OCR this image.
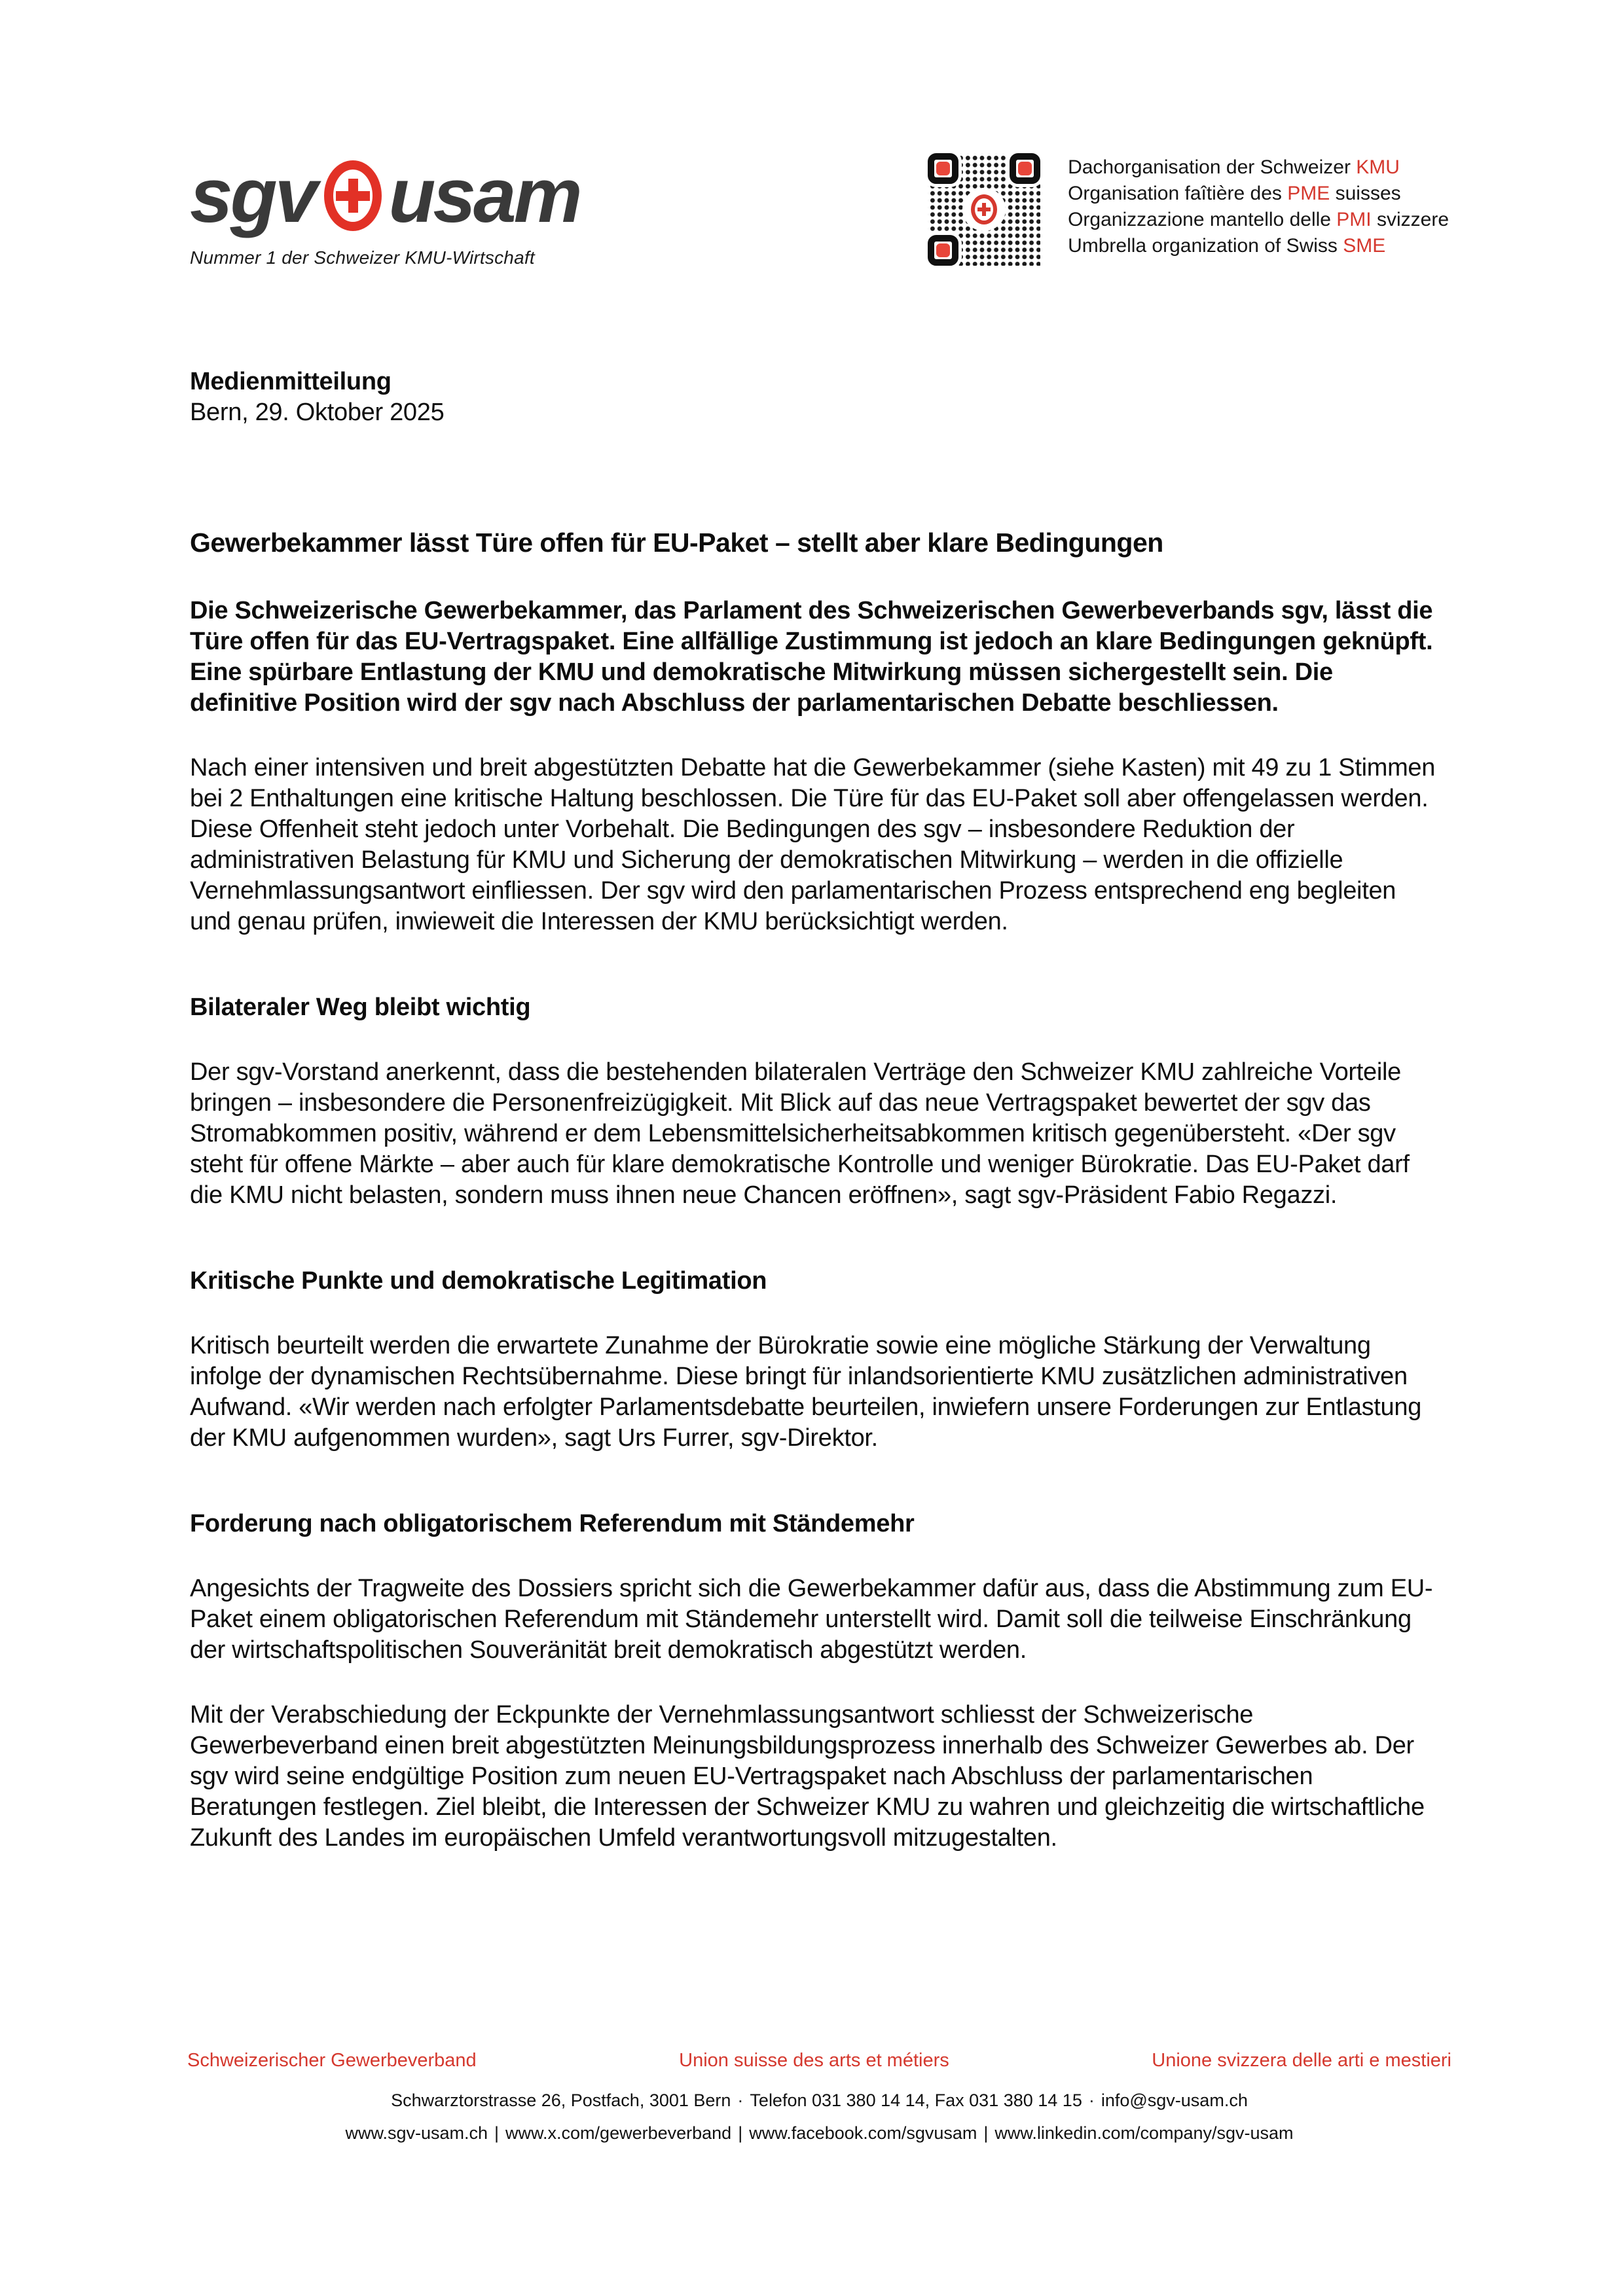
sgv usam
Nummer 1 der Schweizer KMU-Wirtschaft
Dachorganisation der Schweizer KMU
Organisation faîtière des PME suisses
Organizzazione mantello delle PMI svizzere
Umbrella organization of Swiss SME
Medienmitteilung
Bern, 29. Oktober 2025
Gewerbekammer lässt Türe offen für EU-Paket – stellt aber klare Bedingungen

Die Schweizerische Gewerbekammer, das Parlament des Schweizerischen Gewerbeverbands sgv, lässt die Türe offen für das EU-Vertragspaket. Eine allfällige Zustimmung ist jedoch an klare Bedingungen geknüpft. Eine spürbare Entlastung der KMU und demokratische Mitwirkung müssen sichergestellt sein. Die definitive Position wird der sgv nach Abschluss der parlamentarischen Debatte beschliessen.

Nach einer intensiven und breit abgestützten Debatte hat die Gewerbekammer (siehe Kasten) mit 49 zu 1 Stimmen bei 2 Enthaltungen eine kritische Haltung beschlossen. Die Türe für das EU-Paket soll aber offengelassen werden. Diese Offenheit steht jedoch unter Vorbehalt. Die Bedingungen des sgv – insbesondere Reduktion der administrativen Belastung für KMU und Sicherung der demokratischen Mitwirkung – werden in die offizielle Vernehmlassungsantwort einfliessen. Der sgv wird den parlamentarischen Prozess entsprechend eng begleiten und genau prüfen, inwieweit die Interessen der KMU berücksichtigt werden.

Bilateraler Weg bleibt wichtig

Der sgv-Vorstand anerkennt, dass die bestehenden bilateralen Verträge den Schweizer KMU zahlreiche Vorteile bringen – insbesondere die Personenfreizügigkeit. Mit Blick auf das neue Vertragspaket bewertet der sgv das Stromabkommen positiv, während er dem Lebensmittelsicherheitsabkommen kritisch gegenübersteht. «Der sgv steht für offene Märkte – aber auch für klare demokratische Kontrolle und weniger Bürokratie. Das EU-Paket darf die KMU nicht belasten, sondern muss ihnen neue Chancen eröffnen», sagt sgv-Präsident Fabio Regazzi.

Kritische Punkte und demokratische Legitimation

Kritisch beurteilt werden die erwartete Zunahme der Bürokratie sowie eine mögliche Stärkung der Verwaltung infolge der dynamischen Rechtsübernahme. Diese bringt für inlandsorientierte KMU zusätzlichen administrativen Aufwand. «Wir werden nach erfolgter Parlamentsdebatte beurteilen, inwiefern unsere Forderungen zur Entlastung der KMU aufgenommen wurden», sagt Urs Furrer, sgv-Direktor.

Forderung nach obligatorischem Referendum mit Ständemehr

Angesichts der Tragweite des Dossiers spricht sich die Gewerbekammer dafür aus, dass die Abstimmung zum EU-Paket einem obligatorischen Referendum mit Ständemehr unterstellt wird. Damit soll die teilweise Einschränkung der wirtschaftspolitischen Souveränität breit demokratisch abgestützt werden.

Mit der Verabschiedung der Eckpunkte der Vernehmlassungsantwort schliesst der Schweizerische Gewerbeverband einen breit abgestützten Meinungsbildungsprozess innerhalb des Schweizer Gewerbes ab. Der sgv wird seine endgültige Position zum neuen EU-Vertragspaket nach Abschluss der parlamentarischen Beratungen festlegen. Ziel bleibt, die Interessen der Schweizer KMU zu wahren und gleichzeitig die wirtschaftliche Zukunft des Landes im europäischen Umfeld verantwortungsvoll mitzugestalten.

Schweizerischer Gewerbeverband	Union suisse des arts et métiers	Unione svizzera delle arti e mestieri
Schwarztorstrasse 26, Postfach, 3001 Bern · Telefon 031 380 14 14, Fax 031 380 14 15 · info@sgv-usam.ch
www.sgv-usam.ch | www.x.com/gewerbeverband | www.facebook.com/sgvusam | www.linkedin.com/company/sgv-usam
